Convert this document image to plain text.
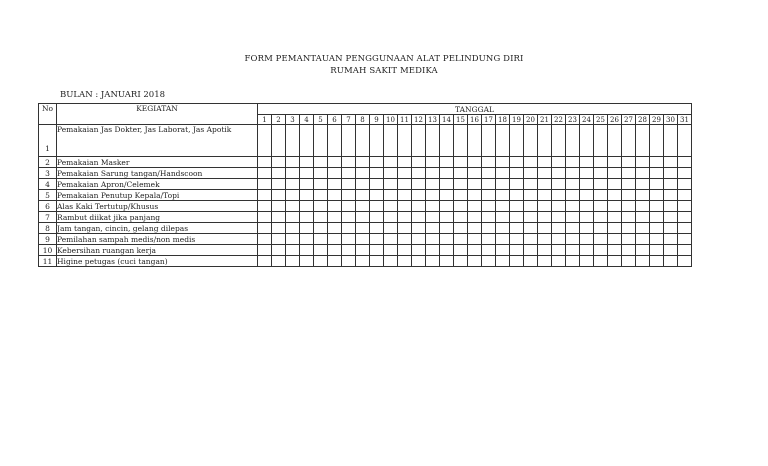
FORM PEMANTAUAN PENGGUNAAN ALAT PELINDUNG DIRI
RUMAH SAKIT MEDIKA
BULAN : JANUARI 2018
No	KEGIATAN	TANGGAL																														
		1	2	3	4	5	6	7	8	9	10	11	12	13	14	15	16	17	18	19	20	21	22	23	24	25	26	27	28	29	30	31
1	Pemakaian Jas Dokter, Jas Laborat, Jas Apotik																															
2	Pemakaian Masker																															
3	Pemakaian Sarung tangan/Handscoon																															
4	Pemakaian Apron/Celemek																															
5	Pemakaian Penutup Kepala/Topi																															
6	Alas Kaki Tertutup/Khusus																															
7	Rambut diikat jika panjang																															
8	Jam tangan, cincin, gelang dilepas																															
9	Pemilahan sampah medis/non medis																															
10	Kebersihan ruangan kerja																															
11	Higine petugas (cuci tangan)																															
